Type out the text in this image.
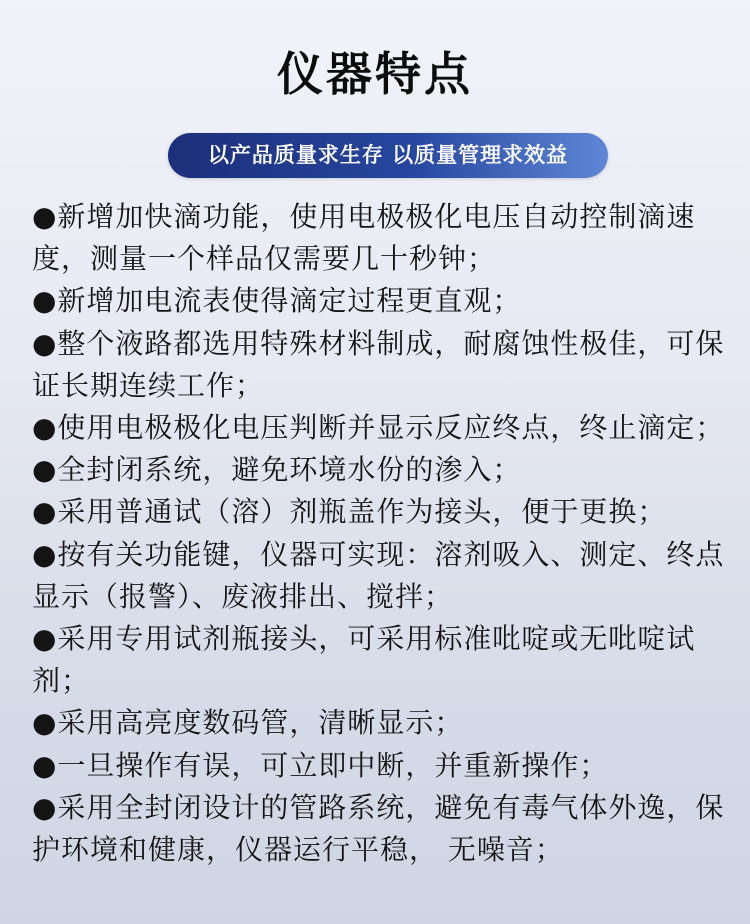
仪器特点
以产品质量求生存 以质量管理求效益
●新增加快滴功能，使用电极极化电压自动控制滴速度，测量一个样品仅需要几十秒钟；
●新增加电流表使得滴定过程更直观；
●整个液路都选用特殊材料制成，耐腐蚀性极佳，可保证长期连续工作；
●使用电极极化电压判断并显示反应终点，终止滴定；
●全封闭系统，避免环境水份的渗入；
●采用普通试（溶）剂瓶盖作为接头，便于更换；
●按有关功能键，仪器可实现：溶剂吸入、测定、终点显示（报警）、废液排出、搅拌；
●采用专用试剂瓶接头，可采用标准吡啶或无吡啶试剂；
●采用高亮度数码管，清晰显示；
●一旦操作有误，可立即中断，并重新操作；
●采用全封闭设计的管路系统，避免有毒气体外逸，保护环境和健康，仪器运行平稳， 无噪音；
